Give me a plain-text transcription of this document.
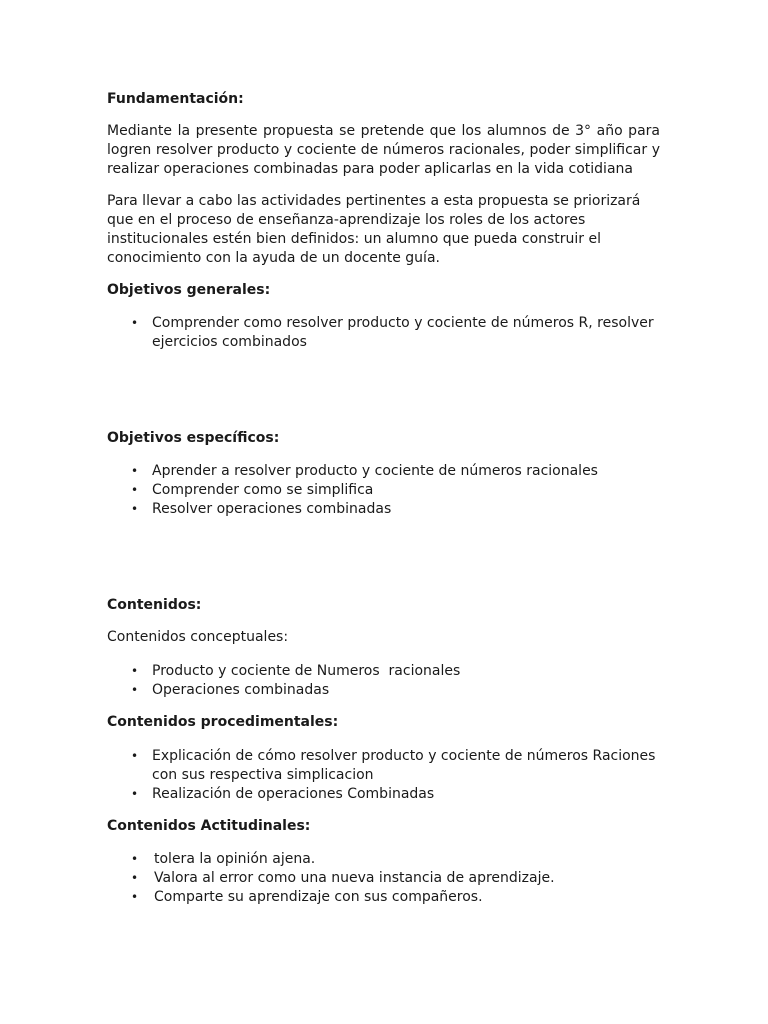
Fundamentación:
Mediante la presente propuesta se pretende que los alumnos de 3° año para logren resolver producto y cociente de números racionales, poder simplificar y realizar operaciones combinadas para poder aplicarlas en la vida cotidiana
Para llevar a cabo las actividades pertinentes a esta propuesta se priorizará que en el proceso de enseñanza-aprendizaje los roles de los actores institucionales estén bien definidos: un alumno que pueda construir el conocimiento con la ayuda de un docente guía.
Objetivos generales:
• Comprender como resolver producto y cociente de números R, resolver ejercicios combinados
Objetivos específicos:
• Aprender a resolver producto y cociente de números racionales
• Comprender como se simplifica
• Resolver operaciones combinadas
Contenidos:
Contenidos conceptuales:
• Producto y cociente de Numeros  racionales
• Operaciones combinadas
Contenidos procedimentales:
• Explicación de cómo resolver producto y cociente de números Raciones con sus respectiva simplicacion
• Realización de operaciones Combinadas
Contenidos Actitudinales:
• tolera la opinión ajena.
• Valora al error como una nueva instancia de aprendizaje.
• Comparte su aprendizaje con sus compañeros.
